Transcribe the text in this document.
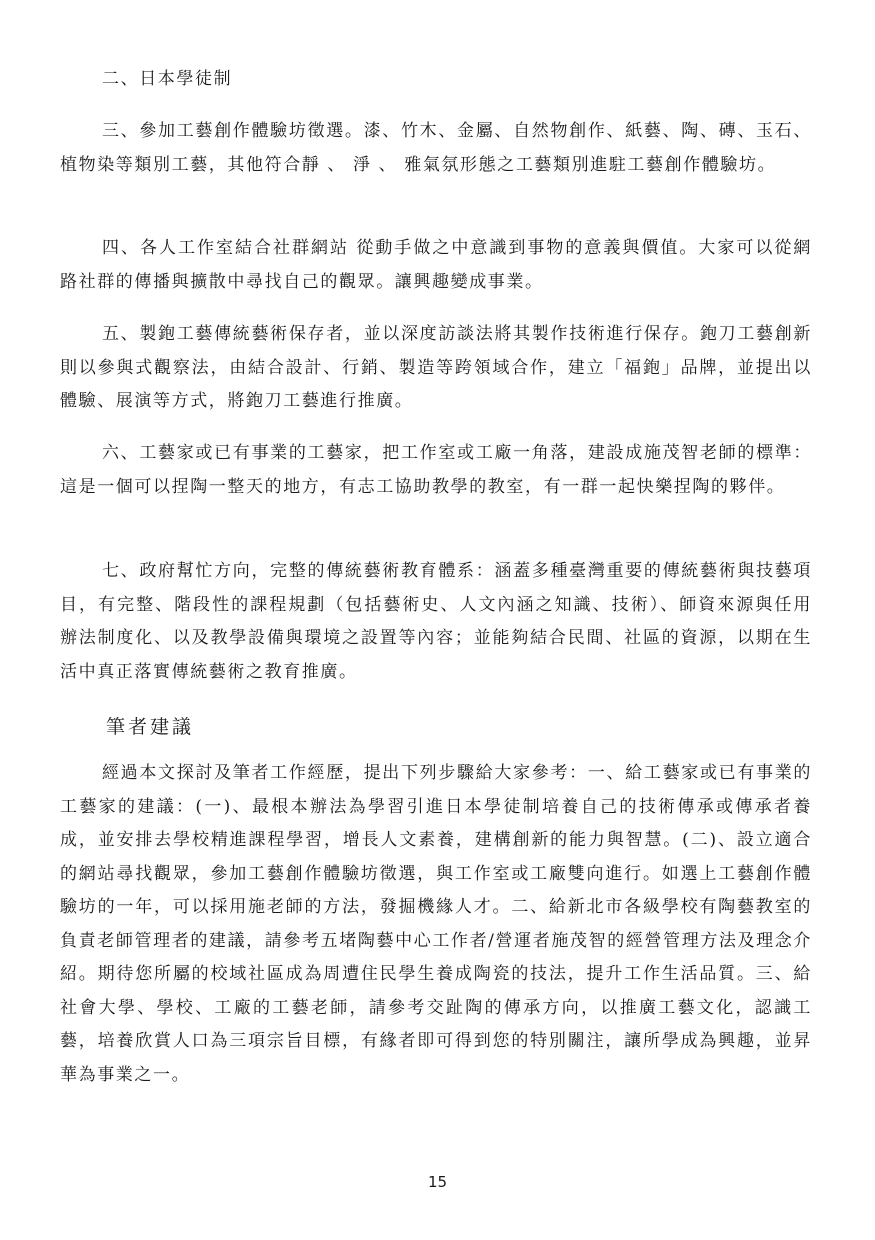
二、日本學徒制

三、參加工藝創作體驗坊徵選。漆、竹木、金屬、自然物創作、紙藝、陶、磚、玉石、植物染等類別工藝，其他符合靜 、 淨 、 雅氣氛形態之工藝類別進駐工藝創作體驗坊。

四、各人工作室結合社群網站 從動手做之中意識到事物的意義與價值。大家可以從網路社群的傳播與擴散中尋找自己的觀眾。讓興趣變成事業。

五、製鉋工藝傳統藝術保存者，並以深度訪談法將其製作技術進行保存。鉋刀工藝創新則以參與式觀察法，由結合設計、行銷、製造等跨領域合作，建立「福鉋」品牌，並提出以體驗、展演等方式，將鉋刀工藝進行推廣。

六、工藝家或已有事業的工藝家，把工作室或工廠一角落，建設成施茂智老師的標準：這是一個可以捏陶一整天的地方，有志工協助教學的教室，有一群一起快樂捏陶的夥伴。

七、政府幫忙方向，完整的傳統藝術教育體系：涵蓋多種臺灣重要的傳統藝術與技藝項目，有完整、階段性的課程規劃（包括藝術史、人文內涵之知識、技術）、師資來源與任用辦法制度化、以及教學設備與環境之設置等內容；並能夠結合民間、社區的資源，以期在生活中真正落實傳統藝術之教育推廣。

筆者建議

經過本文探討及筆者工作經歷，提出下列步驟給大家參考：一、給工藝家或已有事業的工藝家的建議：(一)、最根本辦法為學習引進日本學徒制培養自己的技術傳承或傳承者養成，並安排去學校精進課程學習，增長人文素養，建構創新的能力與智慧。(二)、設立適合的網站尋找觀眾，參加工藝創作體驗坊徵選，與工作室或工廠雙向進行。如選上工藝創作體驗坊的一年，可以採用施老師的方法，發掘機緣人才。二、給新北市各級學校有陶藝教室的負責老師管理者的建議，請參考五堵陶藝中心工作者/營運者施茂智的經營管理方法及理念介紹。期待您所屬的校域社區成為周遭住民學生養成陶瓷的技法，提升工作生活品質。三、給社會大學、學校、工廠的工藝老師，請參考交趾陶的傳承方向，以推廣工藝文化，認識工藝，培養欣賞人口為三項宗旨目標，有緣者即可得到您的特別關注，讓所學成為興趣，並昇華為事業之一。

15
